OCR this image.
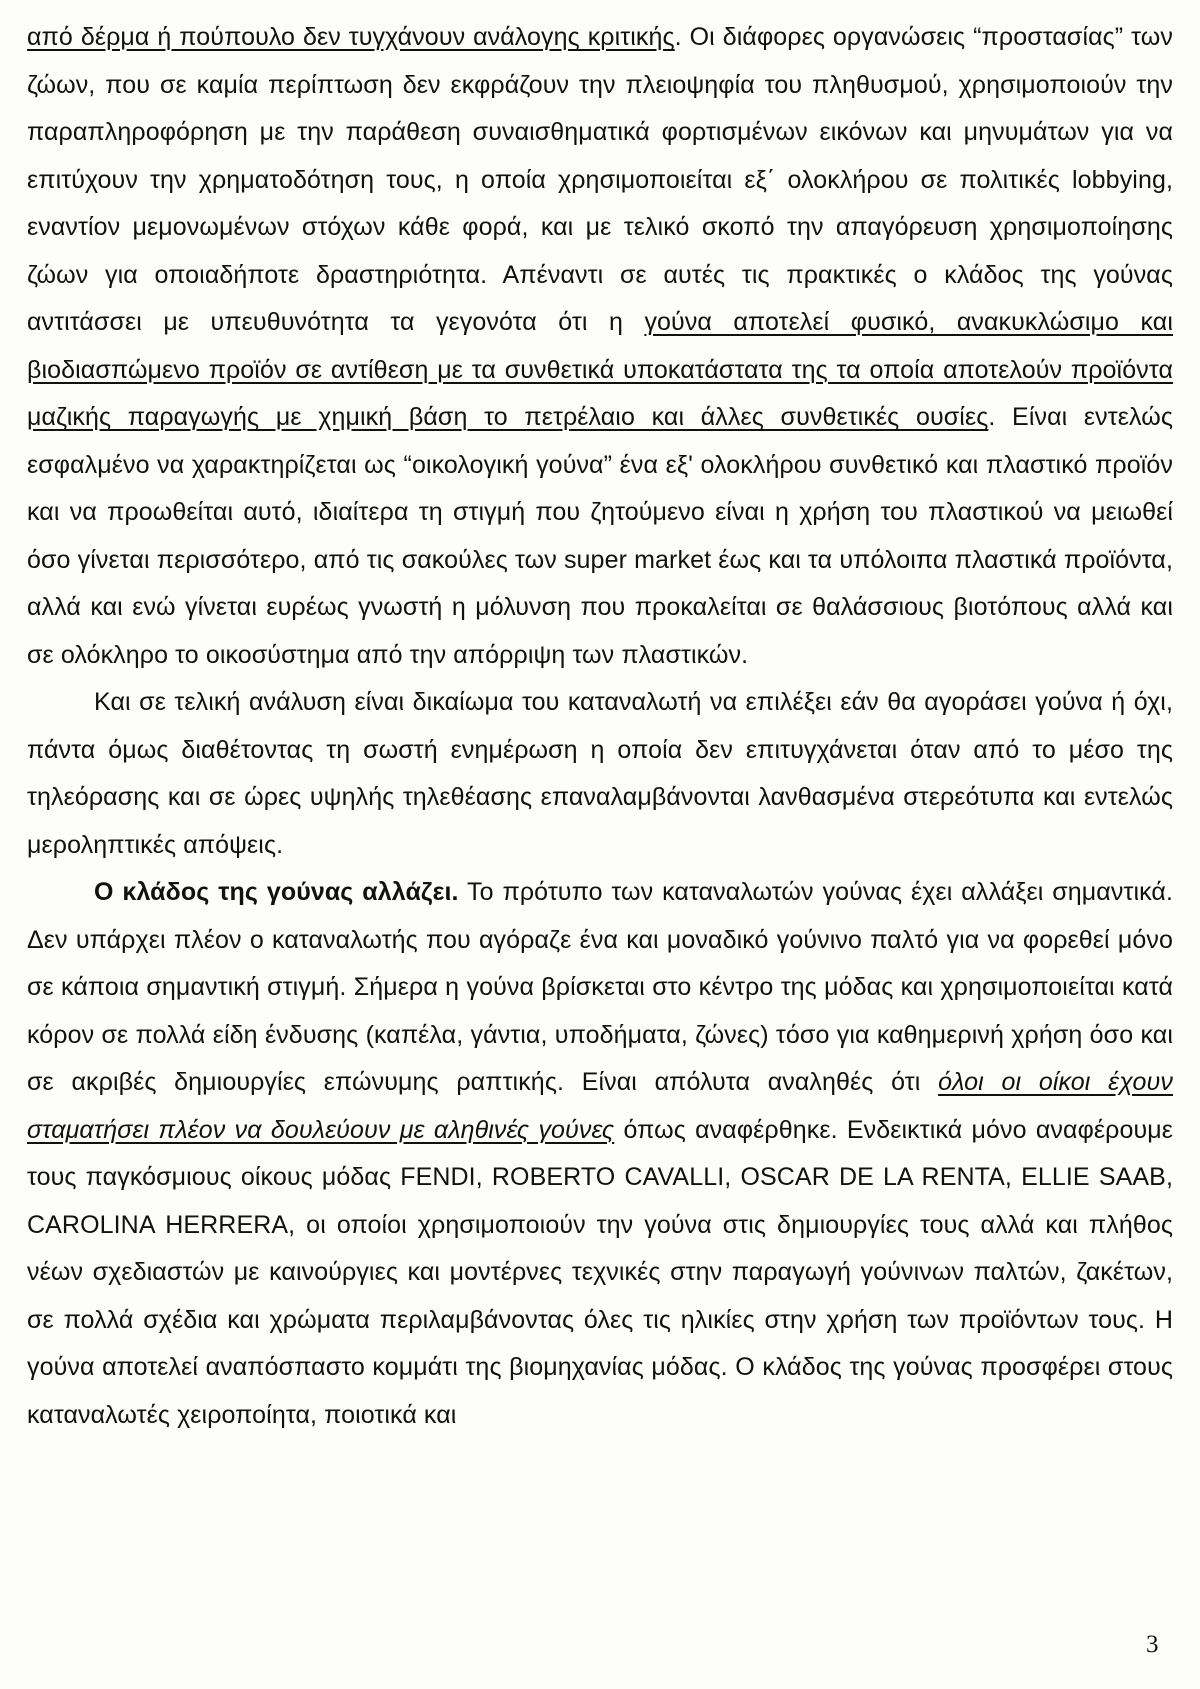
από δέρμα ή πούπουλο δεν τυγχάνουν ανάλογης κριτικής. Οι διάφορες οργανώσεις “προστασίας” των ζώων, που σε καμία περίπτωση δεν εκφράζουν την πλειοψηφία του πληθυσμού, χρησιμοποιούν την παραπληροφόρηση με την παράθεση συναισθηματικά φορτισμένων εικόνων και μηνυμάτων για να επιτύχουν την χρηματοδότηση τους, η οποία χρησιμοποιείται εξ΄ ολοκλήρου σε πολιτικές lobbying, εναντίον μεμονωμένων στόχων κάθε φορά, και με τελικό σκοπό την απαγόρευση χρησιμοποίησης ζώων για οποιαδήποτε δραστηριότητα. Απέναντι σε αυτές τις πρακτικές ο κλάδος της γούνας αντιτάσσει με υπευθυνότητα τα γεγονότα ότι η γούνα αποτελεί φυσικό, ανακυκλώσιμο και βιοδιασπώμενο προϊόν σε αντίθεση με τα συνθετικά υποκατάστατα της τα οποία αποτελούν προϊόντα μαζικής παραγωγής με χημική βάση το πετρέλαιο και άλλες συνθετικές ουσίες. Είναι εντελώς εσφαλμένο να χαρακτηρίζεται ως “οικολογική γούνα” ένα εξ' ολοκλήρου συνθετικό και πλαστικό προϊόν και να προωθείται αυτό, ιδιαίτερα τη στιγμή που ζητούμενο είναι η χρήση του πλαστικού να μειωθεί όσο γίνεται περισσότερο, από τις σακούλες των super market έως και τα υπόλοιπα πλαστικά προϊόντα, αλλά και ενώ γίνεται ευρέως γνωστή η μόλυνση που προκαλείται σε θαλάσσιους βιοτόπους αλλά και σε ολόκληρο το οικοσύστημα από την απόρριψη των πλαστικών.

Και σε τελική ανάλυση είναι δικαίωμα του καταναλωτή να επιλέξει εάν θα αγοράσει γούνα ή όχι, πάντα όμως διαθέτοντας τη σωστή ενημέρωση η οποία δεν επιτυγχάνεται όταν από το μέσο της τηλεόρασης και σε ώρες υψηλής τηλεθέασης επαναλαμβάνονται λανθασμένα στερεότυπα και εντελώς μεροληπτικές απόψεις.

Ο κλάδος της γούνας αλλάζει. Το πρότυπο των καταναλωτών γούνας έχει αλλάξει σημαντικά. Δεν υπάρχει πλέον ο καταναλωτής που αγόραζε ένα και μοναδικό γούνινο παλτό για να φορεθεί μόνο σε κάποια σημαντική στιγμή. Σήμερα η γούνα βρίσκεται στο κέντρο της μόδας και χρησιμοποιείται κατά κόρον σε πολλά είδη ένδυσης (καπέλα, γάντια, υποδήματα, ζώνες) τόσο για καθημερινή χρήση όσο και σε ακριβές δημιουργίες επώνυμης ραπτικής. Είναι απόλυτα αναληθές ότι όλοι οι οίκοι έχουν σταματήσει πλέον να δουλεύουν με αληθινές γούνες όπως αναφέρθηκε. Ενδεικτικά μόνο αναφέρουμε τους παγκόσμιους οίκους μόδας FENDI, ROBERTO CAVALLI, OSCAR DE LA RENTA, ELLIE SAAB, CAROLINA HERRERA, οι οποίοι χρησιμοποιούν την γούνα στις δημιουργίες τους αλλά και πλήθος νέων σχεδιαστών με καινούργιες και μοντέρνες τεχνικές στην παραγωγή γούνινων παλτών, ζακέτων, σε πολλά σχέδια και χρώματα περιλαμβάνοντας όλες τις ηλικίες στην χρήση των προϊόντων τους. Η γούνα αποτελεί αναπόσπαστο κομμάτι της βιομηχανίας μόδας. Ο κλάδος της γούνας προσφέρει στους καταναλωτές χειροποίητα, ποιοτικά και

3
